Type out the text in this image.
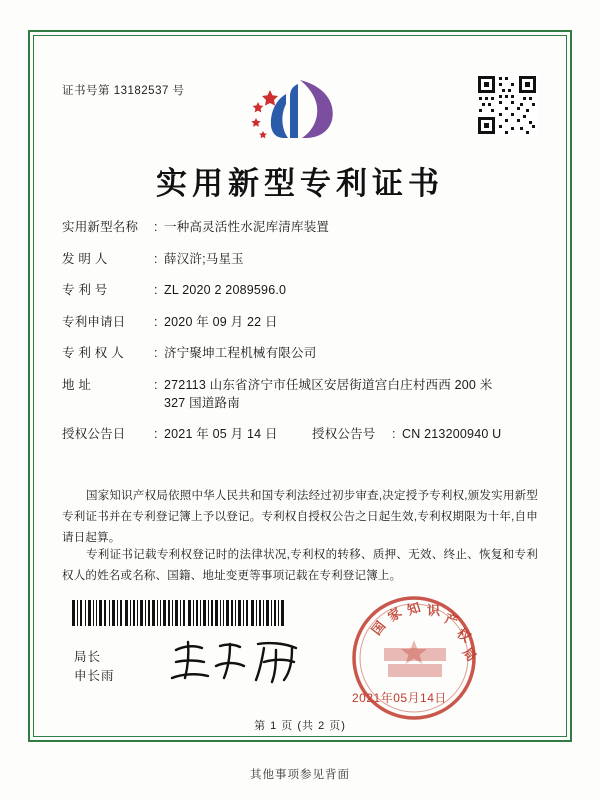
证书号第 13182537 号
实用新型专利证书
实用新型名称	: 一种高灵活性水泥库清库装置
发 明 人	: 薛汉浒;马星玉
专 利 号	: ZL 2020 2 2089596.0
专利申请日	: 2020 年 09 月 22 日
专 利 权 人	: 济宁聚坤工程机械有限公司
地 址	: 272113 山东省济宁市任城区安居街道宫白庄村西西 200 米
327 国道路南
授权公告日	: 2021 年 05 月 14 日	授权公告号	: CN 213200940 U
国家知识产权局依照中华人民共和国专利法经过初步审查,决定授予专利权,颁发实用新型专利证书并在专利登记簿上予以登记。专利权自授权公告之日起生效,专利权期限为十年,自申请日起算。
专利证书记载专利权登记时的法律状况,专利权的转移、质押、无效、终止、恢复和专利权人的姓名或名称、国籍、地址变更等事项记载在专利登记簿上。
局长
申长雨
国
家 知 识
产
权
局
2021年05月14日
第 1 页 (共 2 页)
其他事项参见背面
